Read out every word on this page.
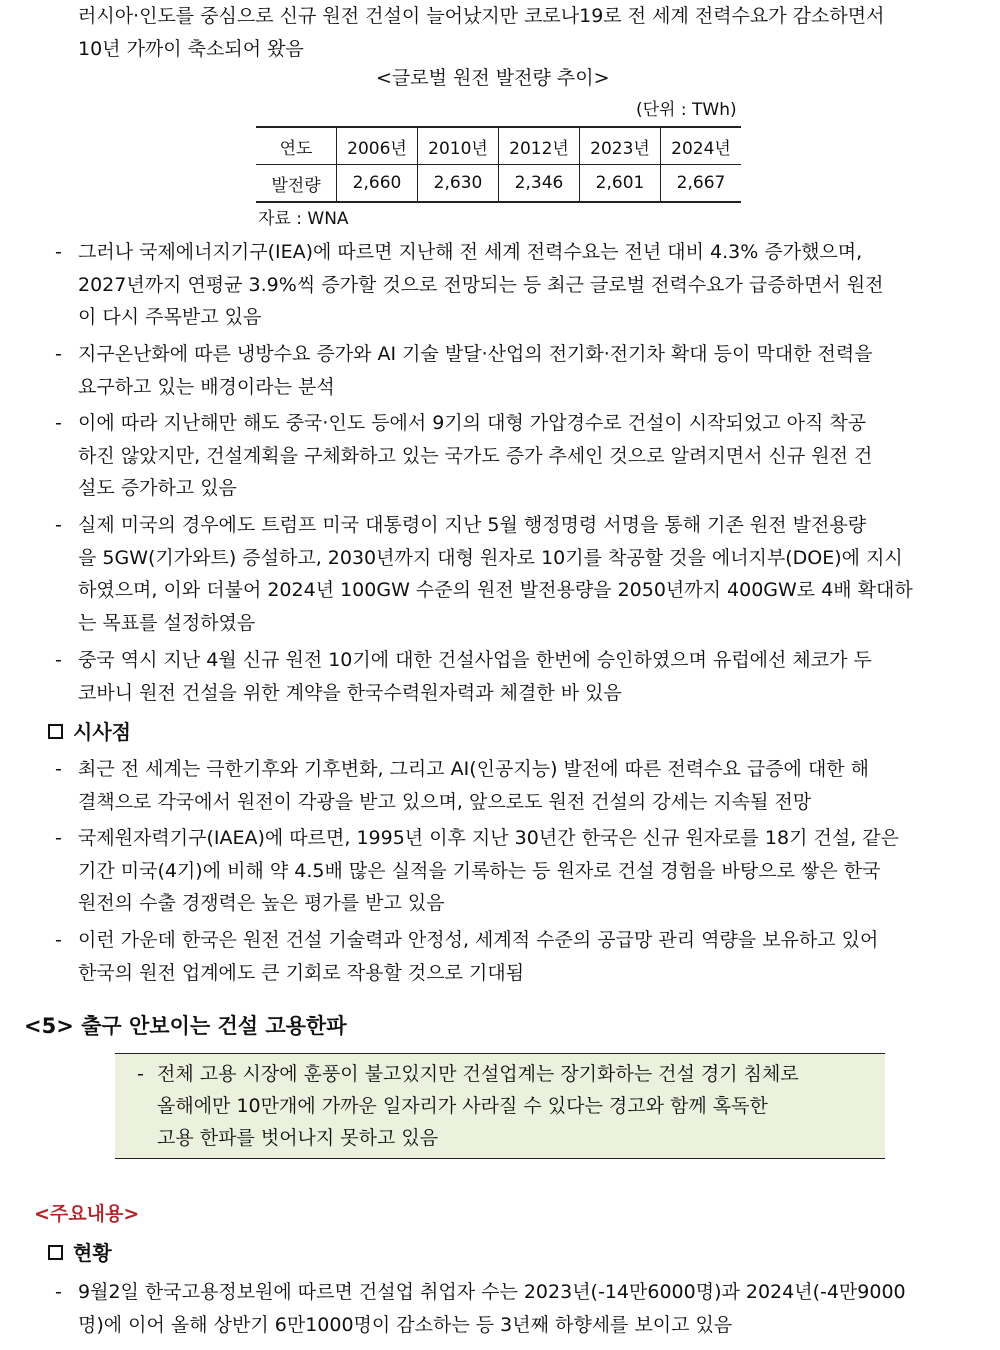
러시아·인도를 중심으로 신규 원전 건설이 늘어났지만 코로나19로 전 세계 전력수요가 감소하면서
10년 가까이 축소되어 왔음
<글로벌 원전 발전량 추이>
(단위 : TWh)
연도	2006년	2010년	2012년	2023년	2024년
발전량	2,660	2,630	2,346	2,601	2,667
자료 : WNA
- 그러나 국제에너지기구(IEA)에 따르면 지난해 전 세계 전력수요는 전년 대비 4.3% 증가했으며,
2027년까지 연평균 3.9%씩 증가할 것으로 전망되는 등 최근 글로벌 전력수요가 급증하면서 원전
이 다시 주목받고 있음
- 지구온난화에 따른 냉방수요 증가와 AI 기술 발달·산업의 전기화·전기차 확대 등이 막대한 전력을
요구하고 있는 배경이라는 분석
- 이에 따라 지난해만 해도 중국·인도 등에서 9기의 대형 가압경수로 건설이 시작되었고 아직 착공
하진 않았지만, 건설계획을 구체화하고 있는 국가도 증가 추세인 것으로 알려지면서 신규 원전 건
설도 증가하고 있음
- 실제 미국의 경우에도 트럼프 미국 대통령이 지난 5월 행정명령 서명을 통해 기존 원전 발전용량
을 5GW(기가와트) 증설하고, 2030년까지 대형 원자로 10기를 착공할 것을 에너지부(DOE)에 지시
하였으며, 이와 더불어 2024년 100GW 수준의 원전 발전용량을 2050년까지 400GW로 4배 확대하
는 목표를 설정하였음
- 중국 역시 지난 4월 신규 원전 10기에 대한 건설사업을 한번에 승인하였으며 유럽에선 체코가 두
코바니 원전 건설을 위한 계약을 한국수력원자력과 체결한 바 있음
시사점
- 최근 전 세계는 극한기후와 기후변화, 그리고 AI(인공지능) 발전에 따른 전력수요 급증에 대한 해
결책으로 각국에서 원전이 각광을 받고 있으며, 앞으로도 원전 건설의 강세는 지속될 전망
- 국제원자력기구(IAEA)에 따르면, 1995년 이후 지난 30년간 한국은 신규 원자로를 18기 건설, 같은
기간 미국(4기)에 비해 약 4.5배 많은 실적을 기록하는 등 원자로 건설 경험을 바탕으로 쌓은 한국
원전의 수출 경쟁력은 높은 평가를 받고 있음
- 이런 가운데 한국은 원전 건설 기술력과 안정성, 세계적 수준의 공급망 관리 역량을 보유하고 있어
한국의 원전 업계에도 큰 기회로 작용할 것으로 기대됨
<5> 출구 안보이는 건설 고용한파
- 전체 고용 시장에 훈풍이 불고있지만 건설업계는 장기화하는 건설 경기 침체로
올해에만 10만개에 가까운 일자리가 사라질 수 있다는 경고와 함께 혹독한
고용 한파를 벗어나지 못하고 있음
<주요내용>
현황
- 9월2일 한국고용정보원에 따르면 건설업 취업자 수는 2023년(-14만6000명)과 2024년(-4만9000
명)에 이어 올해 상반기 6만1000명이 감소하는 등 3년째 하향세를 보이고 있음
